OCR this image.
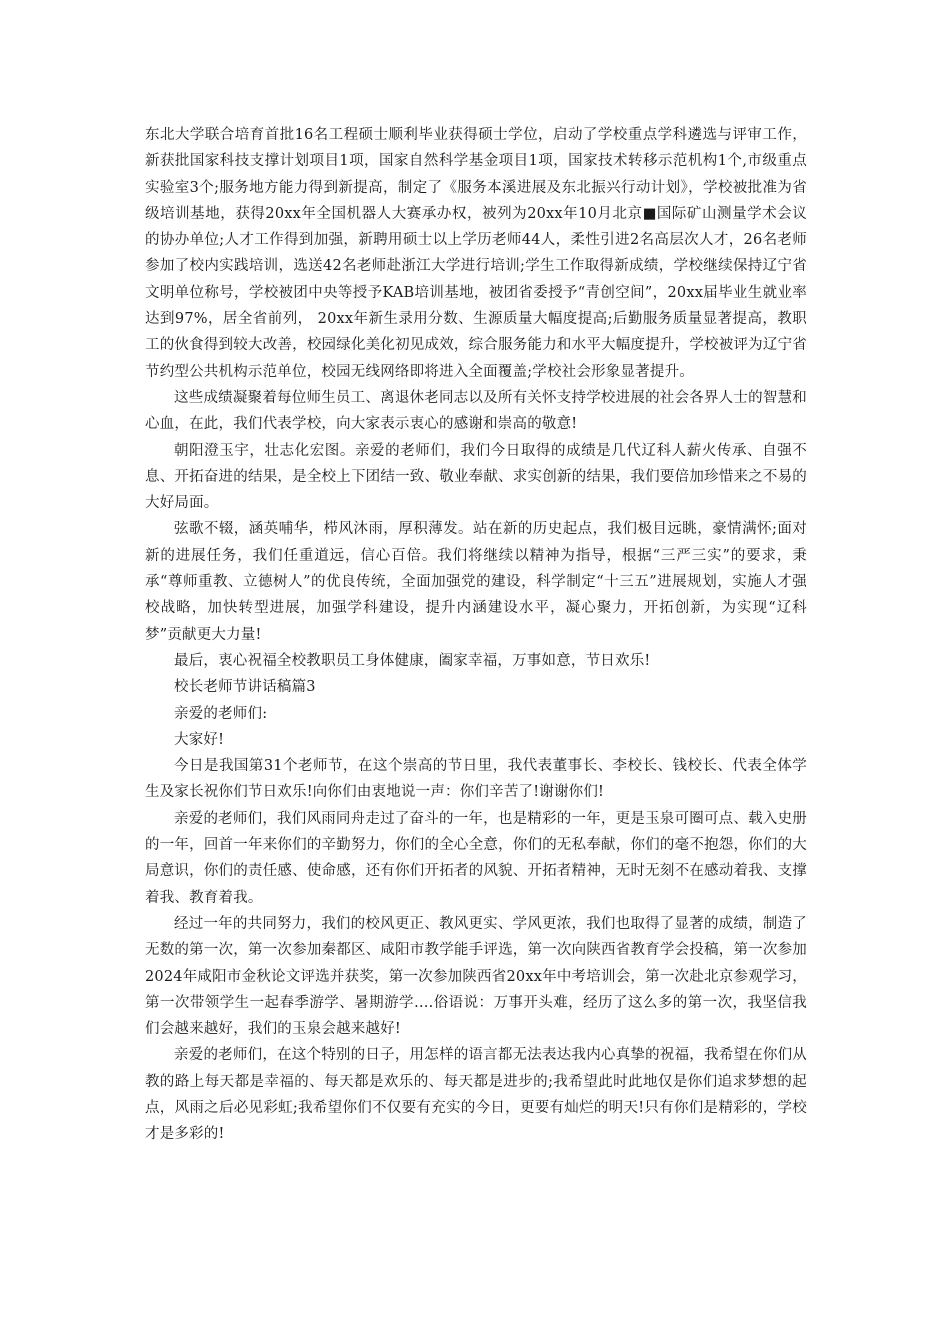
东北大学联合培育首批16名工程硕士顺利毕业获得硕士学位，启动了学校重点学科遴选与评审工作，新获批国家科技支撑计划项目1项，国家自然科学基金项目1项，国家技术转移示范机构1个,市级重点实验室3个;服务地方能力得到新提高，制定了《服务本溪进展及东北振兴行动计划》，学校被批准为省级培训基地，获得20xx年全国机器人大赛承办权，被列为20xx年10月北京■国际矿山测量学术会议的协办单位;人才工作得到加强，新聘用硕士以上学历老师44人，柔性引进2名高层次人才，26名老师参加了校内实践培训，选送42名老师赴浙江大学进行培训;学生工作取得新成绩，学校继续保持辽宁省文明单位称号，学校被团中央等授予KAB培训基地，被团省委授予“青创空间”，20xx届毕业生就业率达到97%，居全省前列， 20xx年新生录用分数、生源质量大幅度提高;后勤服务质量显著提高，教职工的伙食得到较大改善，校园绿化美化初见成效，综合服务能力和水平大幅度提升，学校被评为辽宁省节约型公共机构示范单位，校园无线网络即将进入全面覆盖;学校社会形象显著提升。

这些成绩凝聚着每位师生员工、离退休老同志以及所有关怀支持学校进展的社会各界人士的智慧和心血，在此，我们代表学校，向大家表示衷心的感谢和崇高的敬意!

朝阳澄玉宇，壮志化宏图。亲爱的老师们，我们今日取得的成绩是几代辽科人薪火传承、自强不息、开拓奋进的结果，是全校上下团结一致、敬业奉献、求实创新的结果，我们要倍加珍惜来之不易的大好局面。

弦歌不辍，涵英哺华，栉风沐雨，厚积薄发。站在新的历史起点，我们极目远眺，豪情满怀;面对新的进展任务，我们任重道远，信心百倍。我们将继续以精神为指导，根据“三严三实”的要求，秉承“尊师重教、立德树人”的优良传统，全面加强党的建设，科学制定“十三五”进展规划，实施人才强校战略，加快转型进展，加强学科建设，提升内涵建设水平，凝心聚力，开拓创新，为实现“辽科梦”贡献更大力量!

最后，衷心祝福全校教职员工身体健康，阖家幸福，万事如意，节日欢乐!

校长老师节讲话稿篇3

亲爱的老师们:

大家好!

今日是我国第31个老师节，在这个崇高的节日里，我代表董事长、李校长、钱校长、代表全体学生及家长祝你们节日欢乐!向你们由衷地说一声：你们辛苦了!谢谢你们!

亲爱的老师们，我们风雨同舟走过了奋斗的一年，也是精彩的一年，更是玉泉可圈可点、载入史册的一年，回首一年来你们的辛勤努力，你们的全心全意，你们的无私奉献，你们的毫不抱怨，你们的大局意识，你们的责任感、使命感，还有你们开拓者的风貌、开拓者精神，无时无刻不在感动着我、支撑着我、教育着我。

经过一年的共同努力，我们的校风更正、教风更实、学风更浓，我们也取得了显著的成绩，制造了无数的第一次，第一次参加秦都区、咸阳市教学能手评选，第一次向陕西省教育学会投稿，第一次参加2024年咸阳市金秋论文评选并获奖，第一次参加陕西省20xx年中考培训会，第一次赴北京参观学习，第一次带领学生一起春季游学、暑期游学….俗语说：万事开头难，经历了这么多的第一次，我坚信我们会越来越好，我们的玉泉会越来越好!

亲爱的老师们，在这个特别的日子，用怎样的语言都无法表达我内心真挚的祝福，我希望在你们从教的路上每天都是幸福的、每天都是欢乐的、每天都是进步的;我希望此时此地仅是你们追求梦想的起点，风雨之后必见彩虹;我希望你们不仅要有充实的今日，更要有灿烂的明天!只有你们是精彩的，学校才是多彩的!
